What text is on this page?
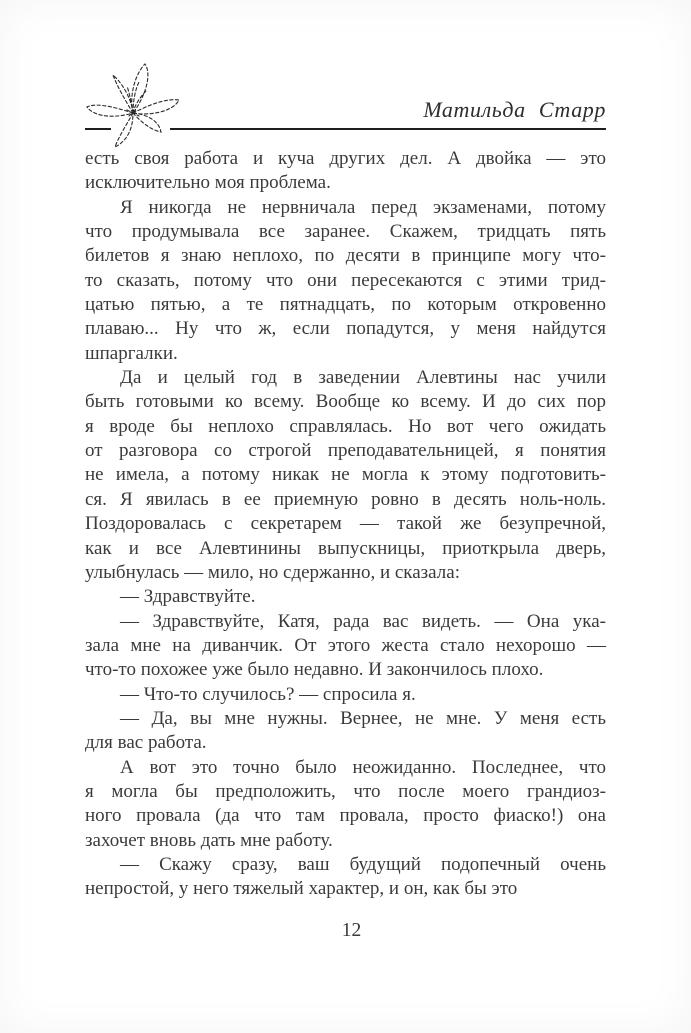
Матильда Старр
есть своя работа и куча других дел. А двойка — это
исключительно моя проблема.
Я никогда не нервничала перед экзаменами, потому
что продумывала все заранее. Скажем, тридцать пять
билетов я знаю неплохо, по десяти в принципе могу что-
то сказать, потому что они пересекаются с этими трид-
цатью пятью, а те пятнадцать, по которым откровенно
плаваю... Ну что ж, если попадутся, у меня найдутся
шпаргалки.
Да и целый год в заведении Алевтины нас учили
быть готовыми ко всему. Вообще ко всему. И до сих пор
я вроде бы неплохо справлялась. Но вот чего ожидать
от разговора со строгой преподавательницей, я понятия
не имела, а потому никак не могла к этому подготовить-
ся. Я явилась в ее приемную ровно в десять ноль-ноль.
Поздоровалась с секретарем — такой же безупречной,
как и все Алевтинины выпускницы, приоткрыла дверь,
улыбнулась — мило, но сдержанно, и сказала:
— Здравствуйте.
— Здравствуйте, Катя, рада вас видеть. — Она ука-
зала мне на диванчик. От этого жеста стало нехорошо —
что-то похожее уже было недавно. И закончилось плохо.
— Что-то случилось? — спросила я.
— Да, вы мне нужны. Вернее, не мне. У меня есть
для вас работа.
А вот это точно было неожиданно. Последнее, что
я могла бы предположить, что после моего грандиоз-
ного провала (да что там провала, просто фиаско!) она
захочет вновь дать мне работу.
— Скажу сразу, ваш будущий подопечный очень
непростой, у него тяжелый характер, и он, как бы это
12
